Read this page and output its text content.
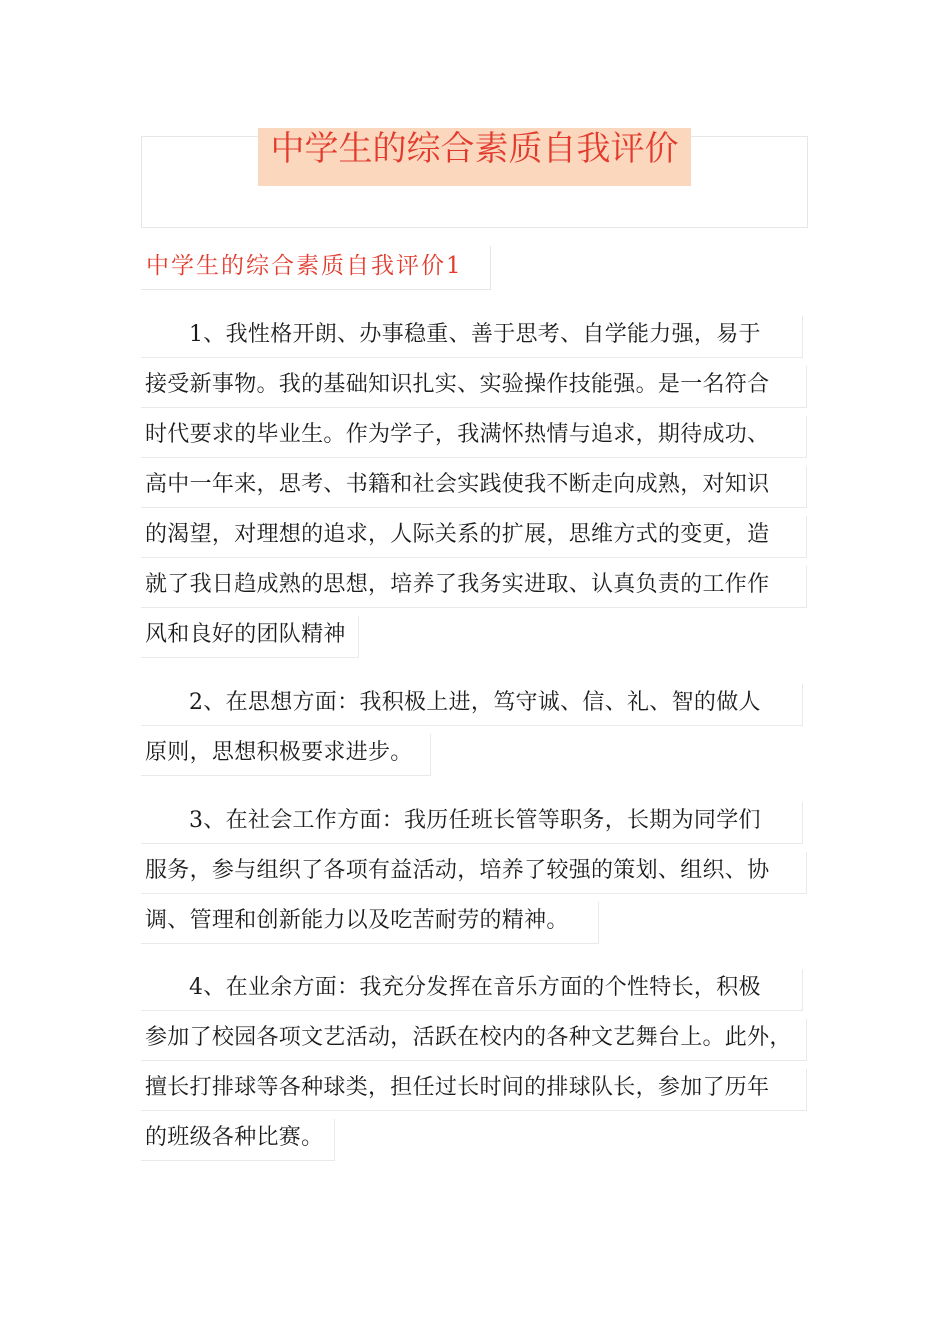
中学生的综合素质自我评价
中学生的综合素质自我评价1
1、我性格开朗、办事稳重、善于思考、自学能力强，易于
接受新事物。我的基础知识扎实、实验操作技能强。是一名符合
时代要求的毕业生。作为学子，我满怀热情与追求，期待成功、
高中一年来，思考、书籍和社会实践使我不断走向成熟，对知识
的渴望，对理想的追求，人际关系的扩展，思维方式的变更，造
就了我日趋成熟的思想，培养了我务实进取、认真负责的工作作
风和良好的团队精神
2、在思想方面：我积极上进，笃守诚、信、礼、智的做人
原则，思想积极要求进步。
3、在社会工作方面：我历任班长管等职务，长期为同学们
服务，参与组织了各项有益活动，培养了较强的策划、组织、协
调、管理和创新能力以及吃苦耐劳的精神。
4、在业余方面：我充分发挥在音乐方面的个性特长，积极
参加了校园各项文艺活动，活跃在校内的各种文艺舞台上。此外，
擅长打排球等各种球类，担任过长时间的排球队长，参加了历年
的班级各种比赛。
